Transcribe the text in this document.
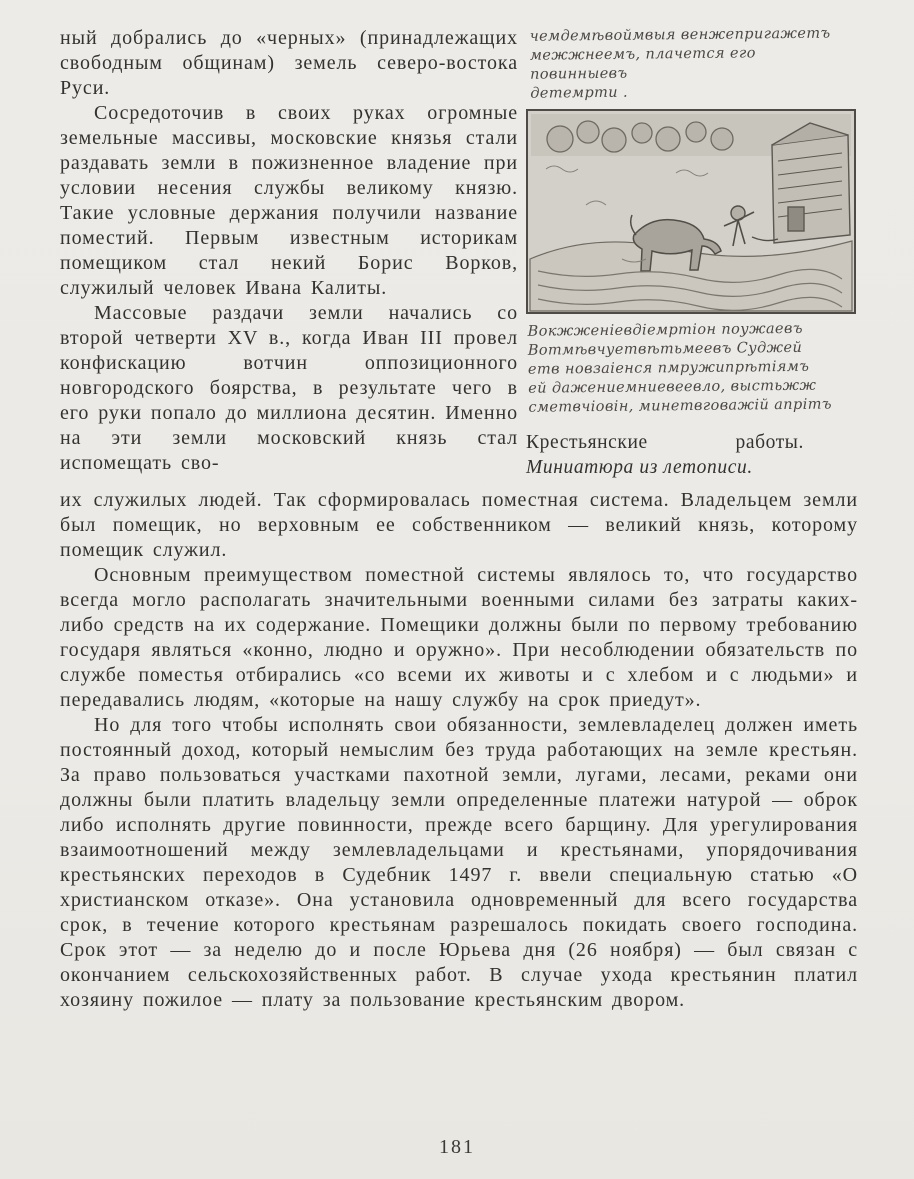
ный добрались до «черных» (принадлежащих свободным общинам) земель северо-востока Руси.

Сосредоточив в своих руках огромные земельные массивы, московские князья стали раздавать земли в пожизненное владение при условии несения службы великому князю. Такие условные держания получили название поместий. Первым известным историкам помещиком стал некий Борис Ворков, служилый человек Ивана Калиты.

Массовые раздачи земли начались со второй четверти XV в., когда Иван III провел конфискацию вотчин оппозиционного новгородского боярства, в результате чего в его руки попало до миллиона десятин. Именно на эти земли московский князь стал испомещать сво-

чемдемѣвоймвыя венжепригажетъ
межжнеемъ, плачется его повинныевъ
детемрти .
Вокжженіевдіемртіон поужаевъ
Вотмѣвчуетвѣтьмеевъ Суджей
етв новзаіенся пмружипрѣтіямъ
ей дажениемниевеевло, выстьжж
сметвчіовін, минетвговажій апрітъ
Крестьянские работы.
Миниатюра из летописи.

их служилых людей. Так сформировалась поместная система. Владельцем земли был помещик, но верховным ее собственником — великий князь, которому помещик служил.

Основным преимуществом поместной системы являлось то, что государство всегда могло располагать значительными военными силами без затраты каких-либо средств на их содержание. Помещики должны были по первому требованию государя являться «конно, людно и оружно». При несоблюдении обязательств по службе поместья отбирались «со всеми их животы и с хлебом и с людьми» и передавались людям, «которые на нашу службу на срок приедут».

Но для того чтобы исполнять свои обязанности, землевладелец должен иметь постоянный доход, который немыслим без труда работающих на земле крестьян. За право пользоваться участками пахотной земли, лугами, лесами, реками они должны были платить владельцу земли определенные платежи натурой — оброк либо исполнять другие повинности, прежде всего барщину. Для урегулирования взаимоотношений между землевладельцами и крестьянами, упорядочивания крестьянских переходов в Судебник 1497 г. ввели специальную статью «О христианском отказе». Она установила одновременный для всего государства срок, в течение которого крестьянам разрешалось покидать своего господина. Срок этот — за неделю до и после Юрьева дня (26 ноября) — был связан с окончанием сельскохозяйственных работ. В случае ухода крестьянин платил хозяину пожилое — плату за пользование крестьянским двором.

181
